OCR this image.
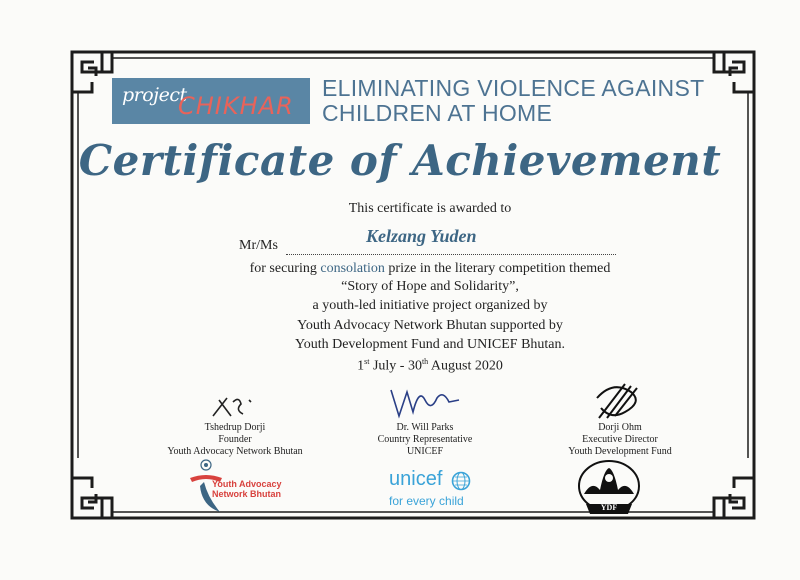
project
CHIKHAR
ELIMINATING VIOLENCE AGAINST
CHILDREN AT HOME
Certificate of Achievement
This certificate is awarded to
Mr/Ms	Kelzang Yuden
for securing consolation prize in the literary competition themed
“Story of Hope and Solidarity”,
a youth-led initiative project organized by
Youth Advocacy Network Bhutan supported by
Youth Development Fund and UNICEF Bhutan.
1st July - 30th August 2020
Tshedrup Dorji
Founder
Youth Advocacy Network Bhutan
Dr. Will Parks
Country Representative
UNICEF
Dorji Ohm
Executive Director
Youth Development Fund
Youth Advocacy
Network Bhutan
unicef
for every child	YDF
